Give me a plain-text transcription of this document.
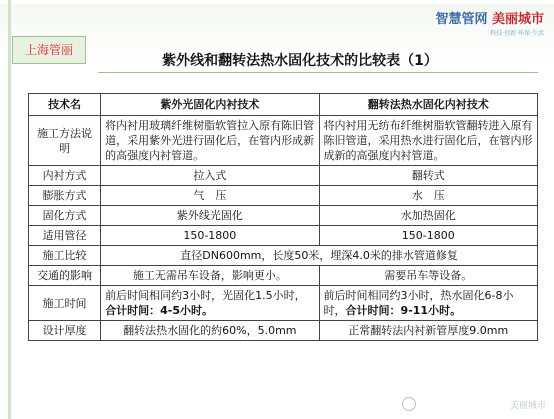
上海管丽
智慧管网 美丽城市
科技·创新·环保·生活
紫外线和翻转法热水固化技术的比较表（1）
技术名	紫外光固化内衬技术	翻转法热水固化内衬技术
施工方法说明	将内衬用玻璃纤维树脂软管拉入原有陈旧管道，采用紫外光进行固化后，在管内形成新的高强度内衬管道。	将内衬用无纺布纤维树脂软管翻转进入原有陈旧管道，采用热水进行固化后，在管内形成新的高强度内衬管道。
内衬方式	拉入式	翻转式
膨胀方式	气　压	水　压
固化方式	紫外线光固化	水加热固化
适用管径	150-1800	150-1800
施工比较	直径DN600mm，长度50米，埋深4.0米的排水管道修复	
交通的影响	施工无需吊车设备，影响更小。	需要吊车等设备。
施工时间	前后时间相同约3小时，光固化1.5小时，合计时间：4-5小时。	前后时间相同约3小时，热水固化6-8小时，合计时间：9-11小时。
设计厚度	翻转法热水固化的約60%，5.0mm	正常翻转法内衬新管厚度9.0mm
美丽城市
